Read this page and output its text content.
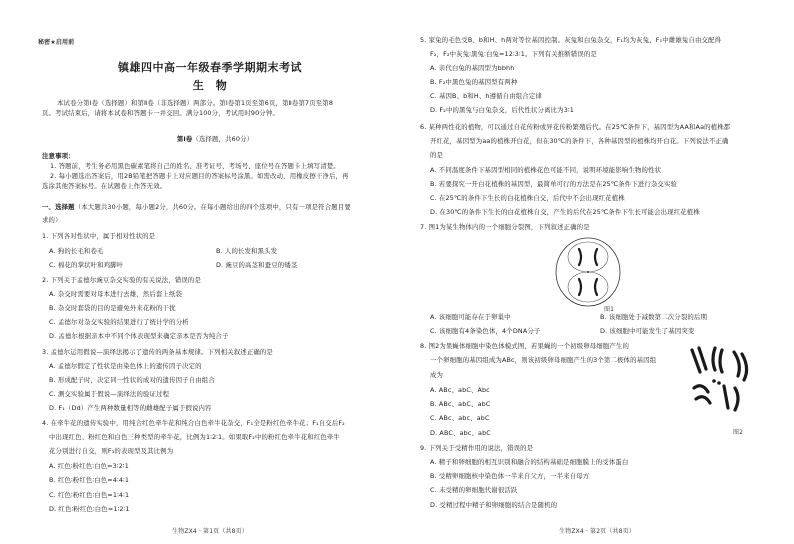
秘密★启用前
镇雄四中高一年级春季学期期末考试
生　物
本试卷分第Ⅰ卷（选择题）和第Ⅱ卷（非选择题）两部分。第Ⅰ卷第1页至第6页，第Ⅱ卷第7页至第8
页。考试结束后，请将本试卷和答题卡一并交回。满分100分，考试用时90分钟。
第Ⅰ卷（选择题，共60分）
注意事项：
1. 答题前，考生务必用黑色碳素笔将自己的姓名、准考证号、考场号、座位号在答题卡上填写清楚。
2. 每小题选出答案后，用2B铅笔把答题卡上对应题目的答案标号涂黑。如需改动，用橡皮擦干净后，再
选涂其他答案标号。在试题卷上作答无效。
一、选择题（本大题共30小题，每小题2分，共60分。在每小题给出的四个选项中，只有一项是符合题目要
求的）
1. 下列各对性状中，属于相对性状的是
A. 狗的长毛和卷毛	B. 人的长发和黑头发
C. 棉花的掌状叶和鸡脚叶	D. 豌豆的高茎和蚕豆的矮茎
2. 下列关于孟德尔豌豆杂交实验的有关说法，错误的是
A. 杂交时需要对母本进行去雄，然后套上纸袋
B. 杂交时套袋的目的是避免外来花粉的干扰
C. 孟德尔对杂交实验的结果进行了统计学的分析
D. 孟德尔根据亲本中不同个体表现型来确定亲本是否为纯合子
3. 孟德尔运用假说—演绎法揭示了遗传的两条基本规律。下列相关叙述正确的是
A. 孟德尔假定了性状是由染色体上的遗传因子决定的
B. 形成配子时，决定同一性状的成对的遗传因子自由组合
C. 测交实验属于假说—演绎法的验证过程
D. F₁（Dd）产生两种数量相等的雌雄配子属于假说内容
4. 在牵牛花的遗传实验中，用纯合红色牵牛花和纯合白色牵牛花杂交，F₁全是粉红色牵牛花；F₁自交后F₂
中出现红色、粉红色和白色三种类型的牵牛花，比例为1∶2∶1。如果取F₂中的粉红色牵牛花和红色牵牛
花分别进行自交，则F₃的表现型及其比例为
A. 红色∶粉红色∶白色=3∶2∶1
B. 红色∶粉红色∶白色=4∶4∶1
C. 红色∶粉红色∶白色=1∶4∶1
D. 红色∶粉红色∶白色=1∶2∶1
生物ZX4 · 第1页（共8页）
5. 家兔的毛色受B、b和H、h两对等位基因控制。灰兔和白兔杂交，F₁均为灰兔，F₁中雌雄兔自由交配得
F₂，F₂中灰兔∶黑兔∶白兔=12∶3∶1。下列有关推断错误的是
A. 亲代白兔的基因型为bbhh
B. F₂中黑色兔的基因型有两种
C. 基因B、b和H、h遵循自由组合定律
D. F₂中的黑兔与白兔杂交，后代性状分离比为3∶1
6. 某种两性花的植物，可以通过自花传粉或异花传粉繁殖后代。在25℃条件下，基因型为AA和Aa的植株都
开红花，基因型为aa的植株开白花，但在30℃的条件下，各种基因型的植株均开白花。下列说法不正确
的是
A. 不同温度条件下基因型相同的植株花色可能不同，说明环境能影响生物的性状
B. 若要探究一开白花植株的基因型，最简单可行的方法是在25℃条件下进行杂交实验
C. 在25℃的条件下生长的白花植株自交，后代中不会出现红花植株
D. 在30℃的条件下生长的白花植株自交，产生的后代在25℃条件下生长可能会出现红花植株
7. 图1为某生物体内的一个细胞分裂图，下列叙述正确的是
图1
A. 该细胞可能存在于卵巢中	B. 该细胞处于减数第二次分裂的后期
C. 该细胞有4条染色体，4个DNA分子	D. 该细胞中可能发生了基因突变
8. 图2为果蝇体细胞中染色体模式图，若果蝇的一个初级卵母细胞产生的
一个卵细胞的基因组成为ABc，则该初级卵母细胞产生的3个第二极体的基因组
成为
A. ABc、abC、Abc
B. ABc、abC、abC
C. ABc、abc、abC
D. ABC、abc、abC	图2
9. 下列关于受精作用的说法，错误的是
A. 精子和卵细胞的相互识别和融合的结构基础是细胞膜上的受体蛋白
B. 受精卵细胞核中染色体一半来自父方，一半来自母方
C. 未受精的卵细胞代谢很活跃
D. 受精过程中精子和卵细胞的结合是随机的
生物ZX4 · 第2页（共8页）
